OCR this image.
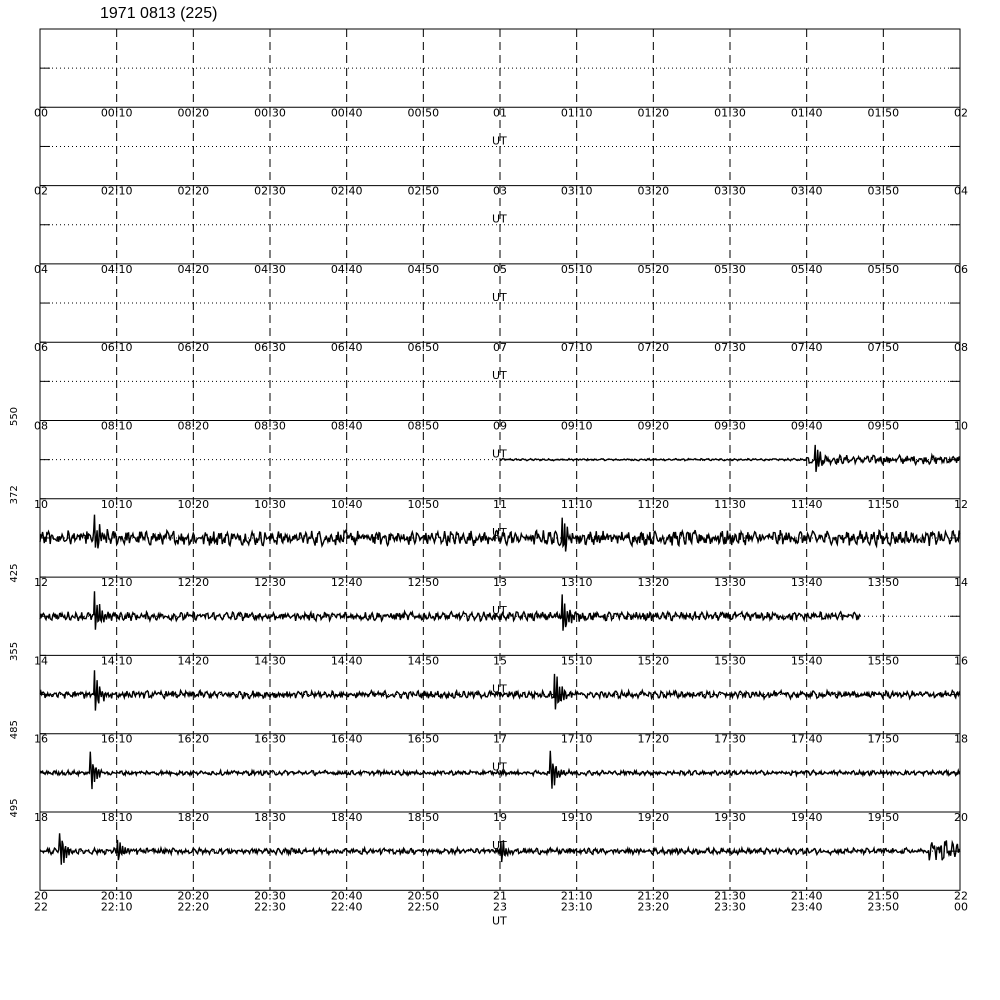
1971 0813 (225)
00	00:10	00:20	00:30	00:40	00:50	01	01:10	01:20	01:30	01:40	01:50	02
UT
02	02:10	02:20	02:30	02:40	02:50	03	03:10	03:20	03:30	03:40	03:50	04
UT
04	04:10	04:20	04:30	04:40	04:50	05	05:10	05:20	05:30	05:40	05:50	06
UT
06	06:10	06:20	06:30	06:40	06:50	07	07:10	07:20	07:30	07:40	07:50	08
UT
08	08:10	08:20	08:30	08:40	08:50	09	09:10	09:20	09:30	09:40	09:50	10
UT
550
10	10:10	10:20	10:30	10:40	10:50	11	11:10	11:20	11:30	11:40	11:50	12
UT
372
12	12:10	12:20	12:30	12:40	12:50	13	13:10	13:20	13:30	13:40	13:50	14
UT
425
14	14:10	14:20	14:30	14:40	14:50	15	15:10	15:20	15:30	15:40	15:50	16
UT
355
16	16:10	16:20	16:30	16:40	16:50	17	17:10	17:20	17:30	17:40	17:50	18
UT
485
18	18:10	18:20	18:30	18:40	18:50	19	19:10	19:20	19:30	19:40	19:50	20
UT
495
20	20:10	20:20	20:30	20:40	20:50	21	21:10	21:20	21:30	21:40	21:50	22
22	22:10	22:20	22:30	22:40	22:50	23	23:10	23:20	23:30	23:40	23:50	00
UT
